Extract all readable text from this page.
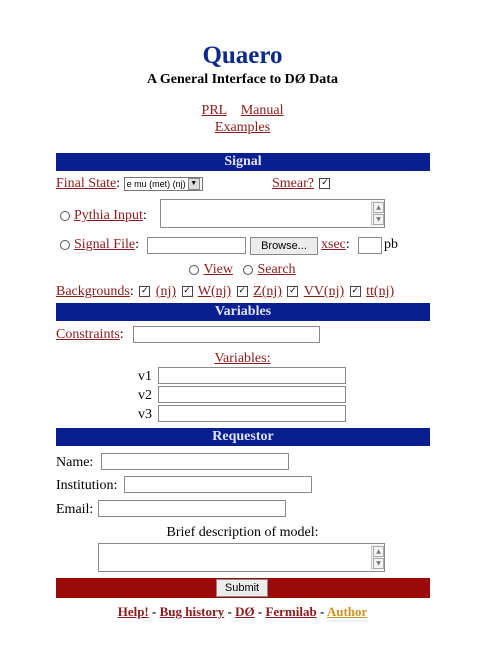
Quaero
A General Interface to DØ Data
PRL Manual
Examples
Signal
Final State: e mu (met) (nj) ▼	Smear? ✓
Pythia Input:
▲
▼
Signal File:	Browse...	xsec: pb
View Search
Backgrounds: ✓ (nj) ✓ W(nj) ✓ Z(nj) ✓ VV(nj) ✓ tt(nj)
Variables
Constraints:
Variables:
v1
v2
v3
Requestor
Name:
Institution:
Email:
Brief description of model:
▲
▼
Submit
Help! - Bug history - DØ - Fermilab - Author
